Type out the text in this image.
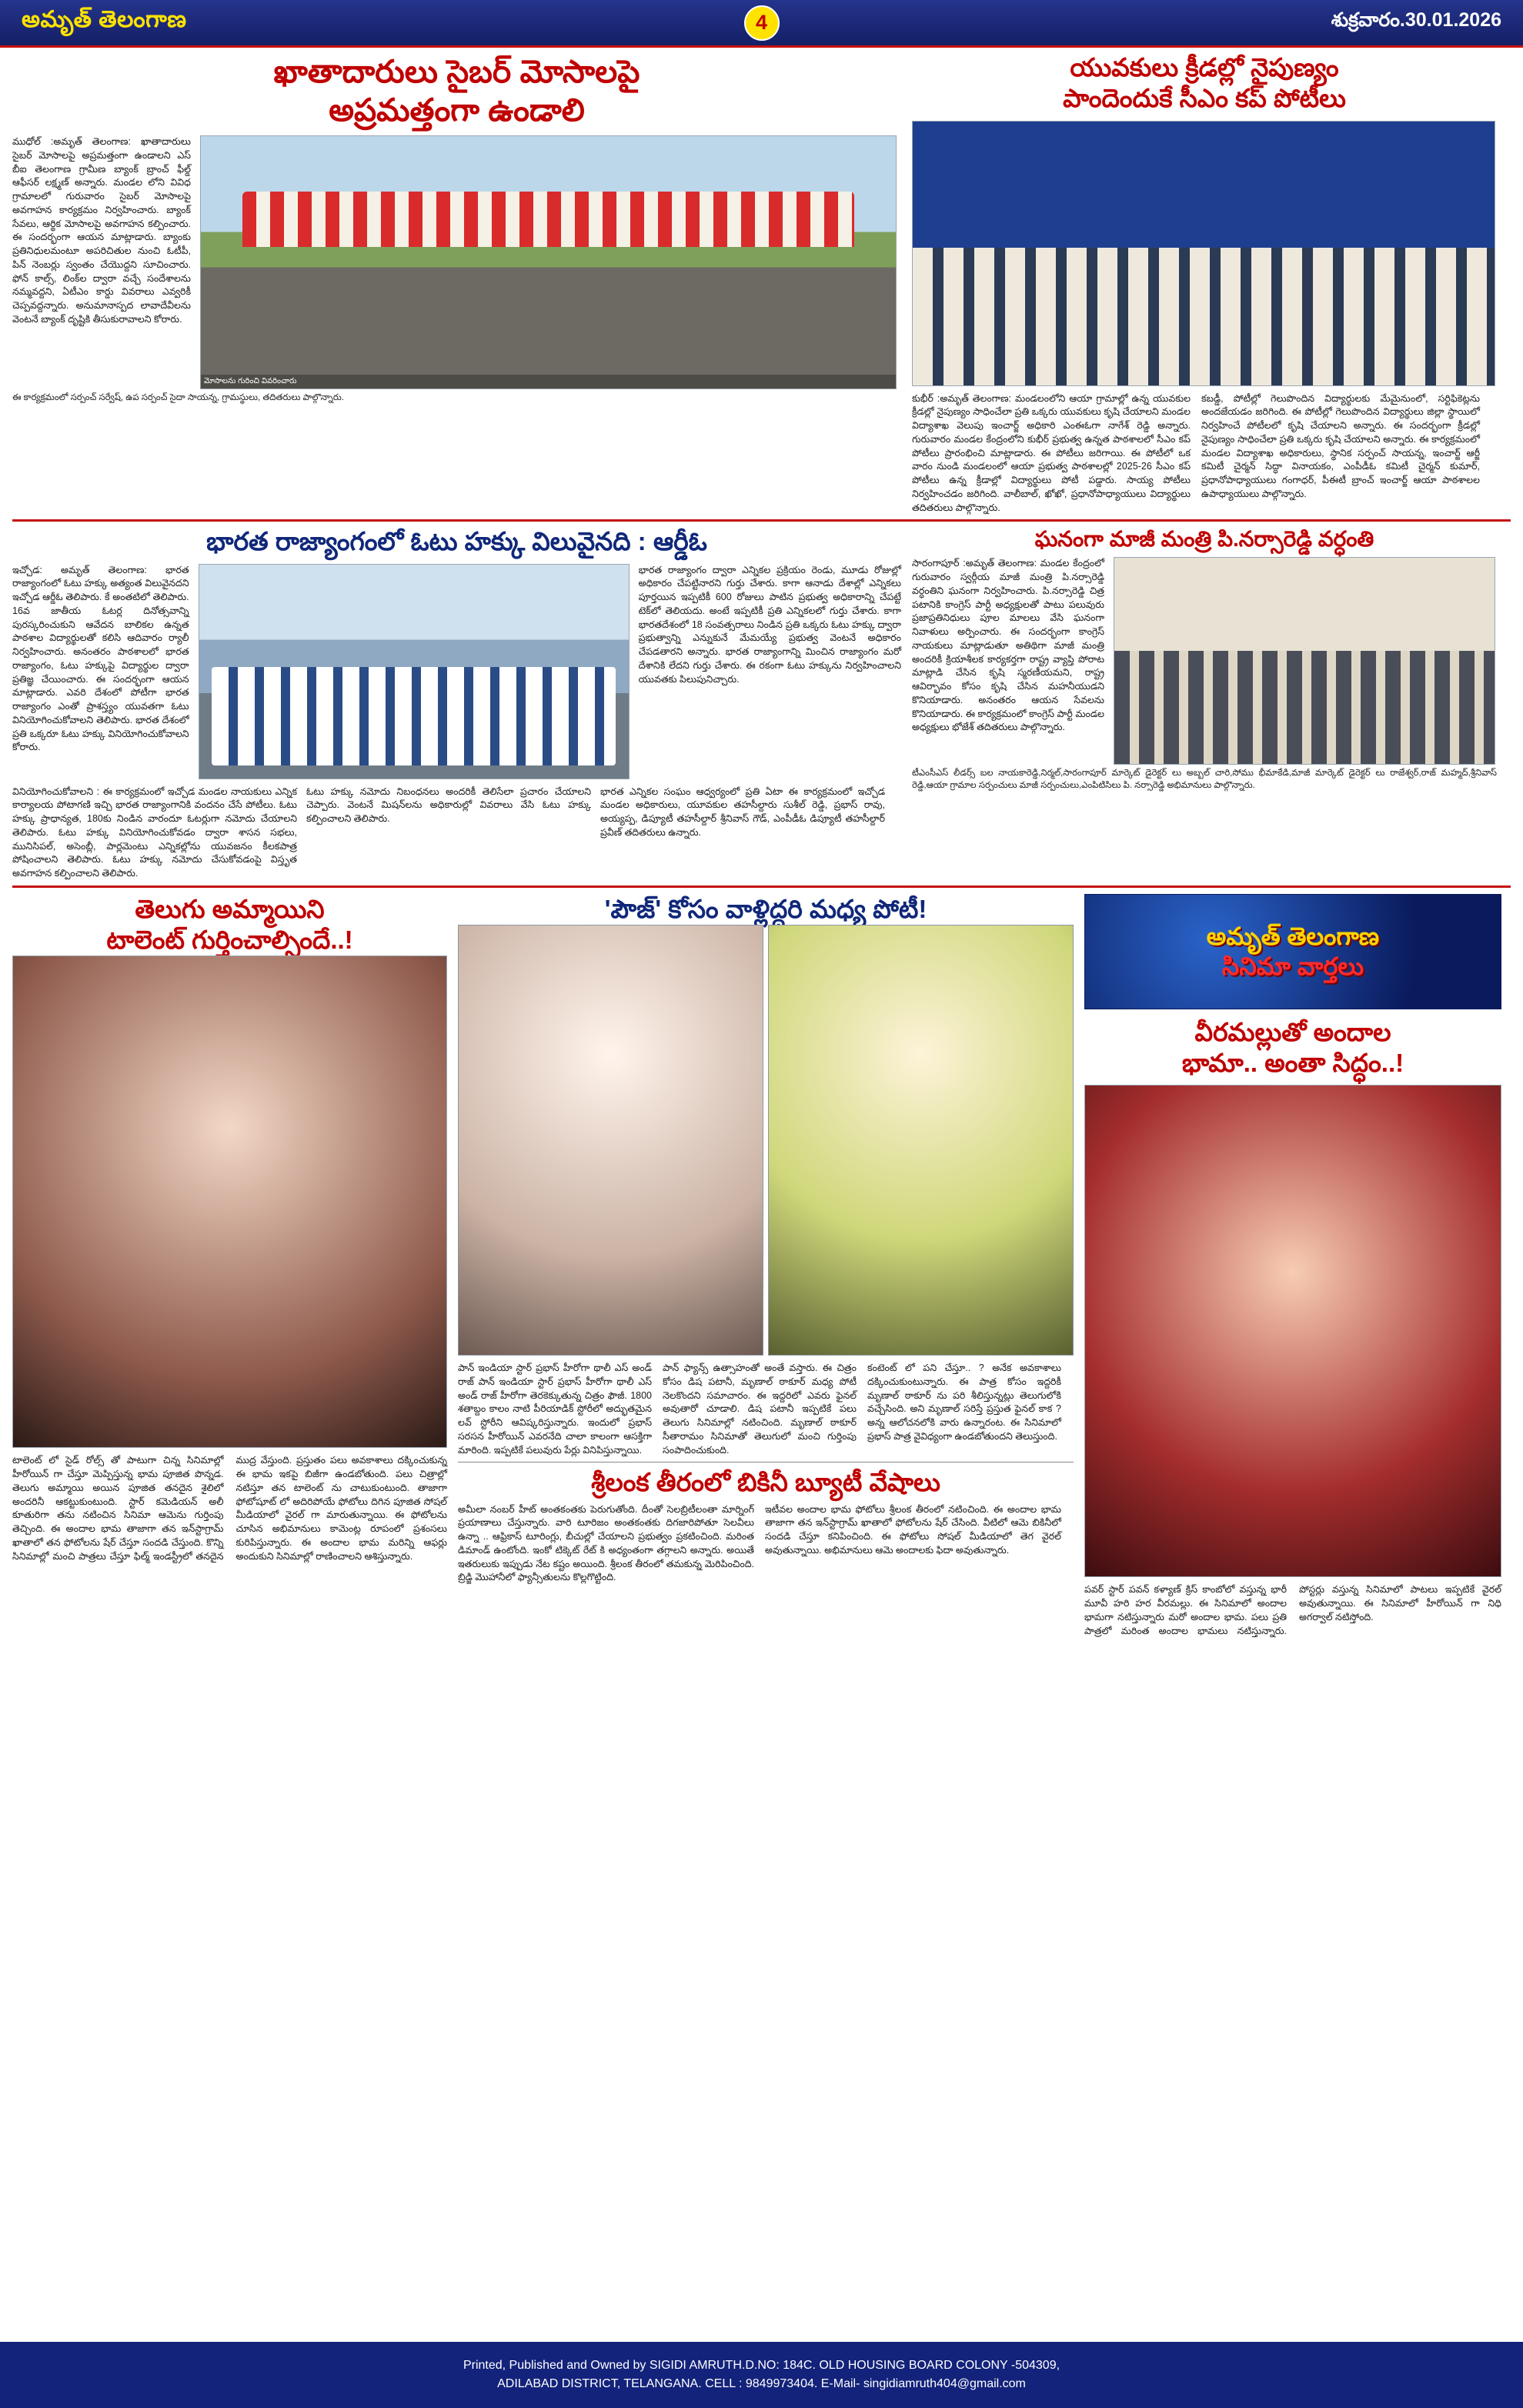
అమృత్ తెలంగాణ	4	శుక్రవారం.30.01.2026
ఖాతాదారులు సైబర్ మోసాలపై
అప్రమత్తంగా ఉండాలి
ముధోల్ :అమృత్ తెలంగాణ: ఖాతాదారులు సైబర్ మోసాలపై అప్రమత్తంగా ఉండాలని ఎస్ బీఐ తెలంగాణ గ్రామీణ బ్యాంక్ బ్రాంచ్ ఫీల్డ్ ఆఫీసర్ లక్ష్మణ్ అన్నారు. మండల లోని వివిధ గ్రామాలలో గురువారం సైబర్ మోసాలపై అవగాహన కార్యక్రమం నిర్వహించారు. బ్యాంక్ సేవలు, ఆర్థిక మోసాలపై అవగాహన కల్పించారు. ఈ సందర్భంగా ఆయన మాట్లాడారు. బ్యాంకు ప్రతినిధులమంటూ అపరిచితుల నుంచి ఓటీపీ, పిన్ నెంబర్లు స్వంతం చేయొద్దని సూచించారు. ఫోన్ కాల్స్, లింక్‌ల ద్వారా వచ్చే సందేశాలను నమ్మవద్దని, ఏటీఎం కార్డు వివరాలు ఎవ్వరికీ చెప్పవద్దన్నారు. అనుమానాస్పద లావాదేవీలను వెంటనే బ్యాంక్ దృష్టికి తీసుకురావాలని కోరారు.
మోసాలను గురించి వివరించారు
ఈ కార్యక్రమంలో సర్పంచ్ సర్వేష్, ఉప సర్పంచ్ సైదా సాయన్న, గ్రామస్థులు, తదితరులు పాల్గొన్నారు.
యువకులు క్రీడల్లో నైపుణ్యం
పాందెందుకే సీఎం కప్ పోటీలు
కుభీర్ :అమృత్ తెలంగాణ: మండలంలోని ఆయా గ్రామాల్లో ఉన్న యువకుల క్రీడల్లో నైపుణ్యం సాధించేలా ప్రతి ఒక్కరు యువకులు కృషి చేయాలని మండల విద్యాశాఖ వెలుపు ఇంచార్జ్ అధికారి ఎంఈఓగా నాగేశ్ రెడ్డి అన్నారు. గురువారం మండల కేంద్రంలోని కుభీర్ ప్రభుత్వ ఉన్నత పాఠశాలలో సీఎం కప్ పోటీలు ప్రారంభించి మాట్లాడారు. ఈ పోటీలు జరిగాయి. ఈ పోటీలో ఒక వారం నుండి మండలంలో ఆయా ప్రభుత్వ పాఠశాలల్లో 2025-26 సీఎం కప్ పోటీలు ఉన్న క్రీడాల్లో విద్యార్థులు పోటీ పడ్డారు. సాయ్య పోటీలు నిర్వహించడం జరిగింది. వాలీబాల్, ఖోఖో, ప్రధానోపాధ్యాయులు విద్యార్థులు తదితరులు పాల్గొన్నారు.
కబడ్డీ, పోటీల్లో గెలుపొందిన విద్యార్థులకు మేమైనుంలో, సర్టిఫికెట్లను అందజేయడం జరిగింది. ఈ పోటీల్లో గెలుపొందిన విద్యార్థులు జిల్లా స్థాయిలో నిర్వహించే పోటీలలో కృషి చేయాలని అన్నారు. ఈ సందర్భంగా క్రీడల్లో నైపుణ్యం సాధించేలా ప్రతి ఒక్కరు కృషి చేయాలని అన్నారు. ఈ కార్యక్రమంలో మండల విద్యాశాఖ అధికారులు, స్థానిక సర్పంచ్ సాయన్న, ఇంచార్జ్ ఆర్జీ కమిటీ చైర్మన్ సిద్ధా వినాయకం, ఎంపీడీఓ కమిటీ చైర్మన్ కుమార్, ప్రధానోపాధ్యాయులు గంగాధర్, పీఈటీ బ్రాంచ్ ఇంచార్జ్ ఆయా పాఠశాలల ఉపాధ్యాయులు పాల్గొన్నారు.
భారత రాజ్యాంగంలో ఓటు హక్కు విలువైనది : ఆర్డీఓ
ఇచ్చోడ: అమృత్ తెలంగాణ: భారత రాజ్యాంగంలో ఓటు హక్కు అత్యంత విలువైనదని ఇచ్చోడ ఆర్డీఓ తెలిపారు. కే అంతటిలో తెలిపారు. 16వ జాతీయ ఓటర్ల దినోత్సవాన్ని పురస్కరించుకుని ఆవేదన బాలికల ఉన్నత పాఠశాల విద్యార్థులతో కలిసి ఆదివారం ర్యాలీ నిర్వహించారు. అనంతరం పాఠశాలలో భారత రాజ్యాంగం, ఓటు హక్కుపై విద్యార్థుల ద్వారా ప్రతిజ్ఞ చేయించారు. ఈ సందర్భంగా ఆయన మాట్లాడారు. ఎవరి దేశంలో పోటీగా భారత రాజ్యాంగం ఎంతో ప్రాశస్త్యం యువతగా ఓటు వినియోగించుకోవాలని తెలిపారు. భారత దేశంలో ప్రతి ఒక్కరూ ఓటు హక్కు వినియోగించుకోవాలని కోరారు.
భారత రాజ్యాంగం ద్వారా ఎన్నికల ప్రక్రియం రెండు, మూడు రోజుల్లో అధికారం చేపట్టినారని గుర్తు చేశారు. కాగా ఆనాడు దేశాల్లో ఎన్నికలు పూర్తయిన ఇప్పటికీ 600 రోజులు పాటిన ప్రభుత్వ అధికారాన్ని చేపట్టే టెక్‌లో తెలియదు. అంటే ఇప్పటికీ ప్రతి ఎన్నికలలో గుర్తు చేశారు. కాగా భారతదేశంలో 18 సంవత్సరాలు నిండిన ప్రతి ఒక్కరు ఓటు హక్కు ద్వారా ప్రభుత్వాన్ని ఎన్నుకునే మేమయ్యే ప్రభుత్వ వెంటనే అధికారం చేపడతారని అన్నారు. భారత రాజ్యాంగాన్ని మించిన రాజ్యాంగం మరో దేశానికి లేదని గుర్తు చేశారు. ఈ రకంగా ఓటు హక్కును నిర్వహించాలని యువతకు పిలుపునిచ్చారు.
వినియోగించుకోవాలని : ఈ కార్యక్రమంలో ఇచ్చోడ మండల నాయకులు ఎన్నిక కార్యాలయ పోటాగణి ఇచ్చి భారత రాజ్యాంగానికి వందనం చేసే పోటీలు. ఓటు హక్కు ప్రాధాన్యత, 180కు నిండిన వారందూ ఓటర్లుగా నమోదు చేయాలని తెలిపారు. ఓటు హక్కు వినియోగించుకోవడం ద్వారా శాసన సభలు, మునిసిపల్, అసెంబ్లీ, పార్లమెంటు ఎన్నికల్లోను యువజనం కీలకపాత్ర పోషించాలని తెలిపారు. ఓటు హక్కు నమోదు చేసుకోవడంపై విస్తృత అవగాహన కల్పించాలని తెలిపారు.
ఓటు హక్కు నమోదు నిబంధనలు అందరికీ తెలిసేలా ప్రచారం చేయాలని చెప్పారు. వెంటనే మిషన్‌లను అధికారుల్లో వివరాలు వేసి ఓటు హక్కు కల్పించాలని తెలిపారు.
భారత ఎన్నికల సంఘం ఆధ్వర్యంలో ప్రతి ఏటా ఈ కార్యక్రమంలో ఇచ్చోడ మండల అధికారులు, యూవకుల తహసీల్దారు సుశీల్ రెడ్డి, ప్రభాస్ రావు, అయ్యప్ప, డిప్యూటీ తహసీల్దార్ శ్రీనివాస్ గౌడ్, ఎంపీడీఓ డిప్యూటీ తహసీల్దార్ ప్రవీణ్ తదితరులు ఉన్నారు.
ఘనంగా మాజీ మంత్రి పి.నర్సారెడ్డి వర్ధంతి
సారంగాపూర్ :అమృత్ తెలంగాణ: మండల కేంద్రంలో గురువారం స్వర్గీయ మాజీ మంత్రి పి.నర్సారెడ్డి వర్ధంతిని ఘనంగా నిర్వహించారు. పి.నర్సారెడ్డి చిత్ర పటానికి కాంగ్రెస్ పార్టీ అధ్యక్షులతో పాటు పలువురు ప్రజాప్రతినిధులు పూల మాలలు వేసి ఘనంగా నివాళులు అర్పించారు. ఈ సందర్భంగా కాంగ్రెస్ నాయకులు మాట్లాడుతూ అతిథిగా మాజీ మంత్రి అందరికీ క్రియాశీలక కార్యకర్తగా రాష్ట్ర వ్యాప్తి పోరాట మాట్లాడి చేసిన కృషి స్మరణీయమని, రాష్ట్ర ఆవిర్భావం కోసం కృషి చేసిన మహనీయుడని కొనియాడారు. అనంతరం ఆయన సేవలను కొనియాడారు. ఈ కార్యక్రమంలో కాంగ్రెస్ పార్టీ మండల అధ్యక్షులు భోజేశ్ తదితరులు పాల్గొన్నారు.
టీఎంసీఎస్ లీడర్స్ బల నాయకారెడ్డి,నిర్మల్,సారంగాపూర్ మార్కెట్ డైరెక్టర్ లు అబ్బల్ చారి,సోము భీమాకేడి,మాజీ మార్కెట్ డైరెక్టర్ లు రాజేశ్వర్,రాజ్ మహ్మద్,శ్రీనివాస్ రెడ్డి,ఆయా గ్రామాల సర్పంచులు మాజీ సర్పంచులు,ఎంపిటిసిలు పి. నర్సారెడ్డి అభిమానులు పాల్గొన్నారు.
తెలుగు అమ్మాయిని
టాలెంట్ గుర్తించాల్సిందే..!
టాలెంట్ లో సైడ్ రోల్స్ తో పాటుగా చిన్న సినిమాల్లో హీరోయిన్ గా చేస్తూ మెప్పిస్తున్న భామ పూజిత పొన్నడ. తెలుగు అమ్మాయి అయిన పూజిత తనదైన శైలిలో అందరినీ ఆకట్టుకుంటుంది. స్టార్ కమెడియన్ అలీ కూతురిగా తను నటించిన సినిమా ఆమెను గుర్తింపు తెచ్చింది. ఈ అందాల భామ తాజాగా తన ఇన్‌స్టాగ్రామ్ ఖాతాలో తన ఫోటోలను షేర్ చేస్తూ సందడి చేస్తుంది. కొన్ని సినిమాల్లో మంచి పాత్రలు చేస్తూ ఫిల్మ్ ఇండస్ట్రీలో తనదైన ముద్ర వేస్తుంది. ప్రస్తుతం పలు అవకాశాలు దక్కించుకున్న ఈ భామ ఇకపై బిజీగా ఉండబోతుంది. పలు చిత్రాల్లో నటిస్తూ తన టాలెంట్ ను చాటుకుంటుంది. తాజాగా ఫోటోషూట్ లో అదిరిపోయే ఫోటోలు దిగిన పూజిత సోషల్ మీడియాలో వైరల్ గా మారుతున్నాయి. ఈ ఫోటోలను చూసిన అభిమానులు కామెంట్ల రూపంలో ప్రశంసలు కురిపిస్తున్నారు. ఈ అందాల భామ మరిన్ని ఆఫర్లు అందుకుని సినిమాల్లో రాణించాలని ఆశిస్తున్నారు.
'పౌజ్' కోసం వాళ్లిద్దరి మధ్య పోటీ!
పాన్ ఇండియా స్టార్ ప్రభాస్ హీరోగా థాలీ ఎస్ అండ్ రాజ్ పాన్ ఇండియా స్టార్ ప్రభాస్ హీరోగా థాలీ ఎస్ అండ్ రాజ్ హీరోగా తెరకెక్కుతున్న చిత్రం ఫౌజీ. 1800 శతాబ్దం కాలం నాటి పీరియాడిక్ స్టోరీలో అద్భుతమైన లవ్ స్టోరీని ఆవిష్కరిస్తున్నారు. ఇందులో ప్రభాస్ సరసన హీరోయిన్ ఎవరనేది చాలా కాలంగా ఆసక్తిగా మారింది. ఇప్పటికే పలువురు పేర్లు వినిపిస్తున్నాయి.
పాన్ ఫ్యాన్స్ ఉత్సాహంతో అంతే వస్తారు. ఈ చిత్రం కోసం డిష పటానీ, మృణాల్ ఠాకూర్ మధ్య పోటీ నెలకొందని సమాచారం. ఈ ఇద్దరిలో ఎవరు ఫైనల్ అవుతారో చూడాలి. డిష పటానీ ఇప్పటికే పలు తెలుగు సినిమాల్లో నటించింది. మృణాల్ ఠాకూర్ సీతారామం సినిమాతో తెలుగులో మంచి గుర్తింపు సంపాదించుకుంది.
కంటెంట్ లో పని చేస్తూ.. ? అనేక అవకాశాలు దక్కించుకుంటున్నారు. ఈ పాత్ర కోసం ఇద్దరికీ మృణాల్ ఠాకూర్ ను పరి శీలిస్తున్నట్లు తెలుగులోకి వచ్చేసింది. అని మృణాల్ సరిస్తే ప్రస్తుత ఫైనల్ కాక ? అన్న ఆలోచనలోకి వారు ఉన్నారంట. ఈ సినిమాలో ప్రభాస్ పాత్ర వైవిధ్యంగా ఉండబోతుందని తెలుస్తుంది.
శ్రీలంక తీరంలో బికినీ బ్యూటీ వేషాలు
అమీలా నంబర్ హీట్ అంతకంతకు పెరుగుతోంది. దీంతో సెలబ్రిటీలంతా మార్నింగ్ ప్రయాణాలు చేస్తున్నారు. వారి టూరిజం అంతకంతకు దిగజారిపోతూ సెలవీలు ఉన్నా .. ఆఫ్రికాస్ టూరింగ్లు, బీచుల్లో చేయాలని ప్రభుత్వం ప్రకటించింది. మరింత డిమాండ్ ఉంటోంది. ఇంకో టిక్కెట్ రేట్ కి అధ్యంతంగా తగ్గాలని అన్నారు. అయితే ఇతరులుకు ఇప్పుడు నేట కష్టం అయింది. శ్రీలంక తీరంలో తమకున్న మెరిపించింది. బ్రిడ్జి మొహానీలో ఫ్యాన్సీతులను కొల్లగొట్టింది.
ఇటీవల అందాల భామ ఫోటోలు శ్రీలంక తీరంలో నటించింది. ఈ అందాల భామ తాజాగా తన ఇన్‌స్టాగ్రామ్ ఖాతాలో ఫోటోలను షేర్ చేసింది. వీటిలో ఆమె బికినీలో సందడి చేస్తూ కనిపించింది. ఈ ఫోటోలు సోషల్ మీడియాలో తెగ వైరల్ అవుతున్నాయి. అభిమానులు ఆమె అందాలకు ఫిదా అవుతున్నారు.
అమృత్ తెలంగాణ
సినిమా వార్తలు
వీరమల్లుతో అందాల
భామా.. అంతా సిద్ధం..!
పవర్ స్టార్ పవన్ కళ్యాణ్ క్రిస్ కాంబోలో వస్తున్న భారీ మూవీ హరి హర వీరమల్లు. ఈ సినిమాలో అందాల భామగా నటిస్తున్నారు మరో అందాల భామ. పలు ప్రతి పాత్రలో మరింత అందాల భామలు నటిస్తున్నారు. పోస్టర్లు వస్తున్న సినిమాలో పాటలు ఇప్పటికే వైరల్ అవుతున్నాయి. ఈ సినిమాలో హీరోయిన్ గా నిధి అగర్వాల్ నటిస్తోంది.
Printed, Published and Owned by SIGIDI AMRUTH.D.NO: 184C. OLD HOUSING BOARD COLONY -504309,
ADILABAD DISTRICT, TELANGANA. CELL : 9849973404. E-Mail- singidiamruth404@gmail.com
